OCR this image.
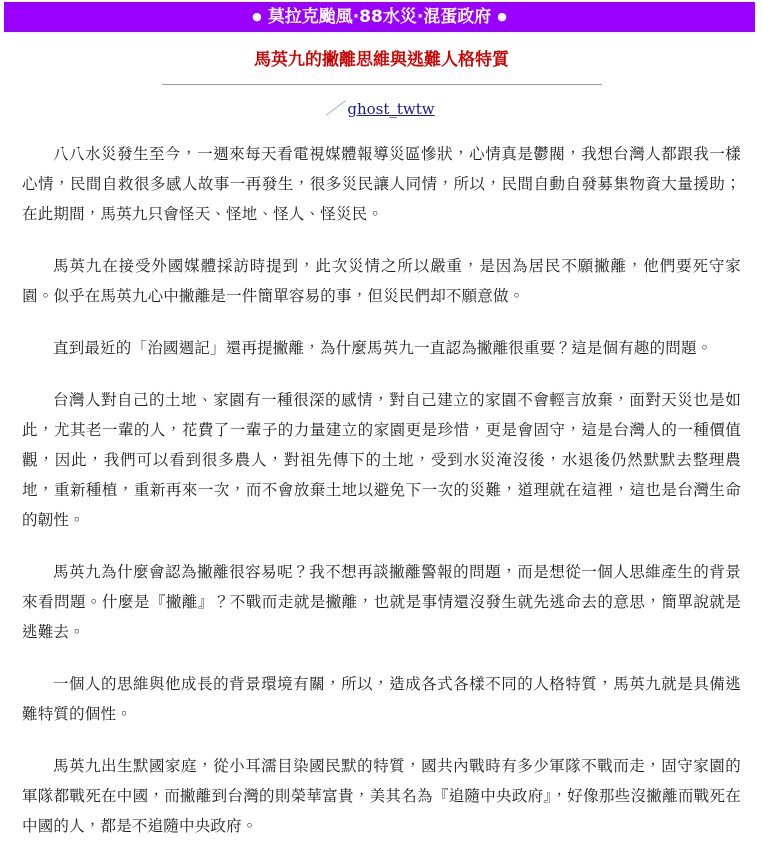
● 莫拉克颱風·88水災·混蛋政府 ●
馬英九的撇離思維與逃難人格特質
／ghost_twtw

八八水災發生至今，一週來每天看電視媒體報導災區慘狀，心情真是鬱閥，我想台灣人都跟我一樣心情，民間自救很多感人故事一再發生，很多災民讓人同情，所以，民間自動自發募集物資大量援助；在此期間，馬英九只會怪天、怪地、怪人、怪災民。

馬英九在接受外國媒體採訪時提到，此次災情之所以嚴重，是因為居民不願撇離，他們要死守家園。似乎在馬英九心中撇離是一件簡單容易的事，但災民們却不願意做。

直到最近的「治國週記」還再提撇離，為什麼馬英九一直認為撇離很重要？這是個有趣的問題。

台灣人對自己的土地、家園有一種很深的感情，對自己建立的家園不會輕言放棄，面對天災也是如此，尤其老一輩的人，花費了一輩子的力量建立的家園更是珍惜，更是會固守，這是台灣人的一種價值觀，因此，我們可以看到很多農人，對祖先傳下的土地，受到水災淹沒後，水退後仍然默默去整理農地，重新種植，重新再來一次，而不會放棄土地以避免下一次的災難，道理就在這裡，這也是台灣生命的韌性。

馬英九為什麼會認為撇離很容易呢？我不想再談撇離警報的問題，而是想從一個人思維產生的背景來看問題。什麼是『撇離』？不戰而走就是撇離，也就是事情還沒發生就先逃命去的意思，簡單說就是逃難去。

一個人的思維與他成長的背景環境有關，所以，造成各式各樣不同的人格特質，馬英九就是具備逃難特質的個性。

馬英九出生默國家庭，從小耳濡目染國民默的特質，國共內戰時有多少軍隊不戰而走，固守家園的軍隊都戰死在中國，而撇離到台灣的則榮華富貴，美其名為『追隨中央政府』，好像那些沒撇離而戰死在中國的人，都是不追隨中央政府。
